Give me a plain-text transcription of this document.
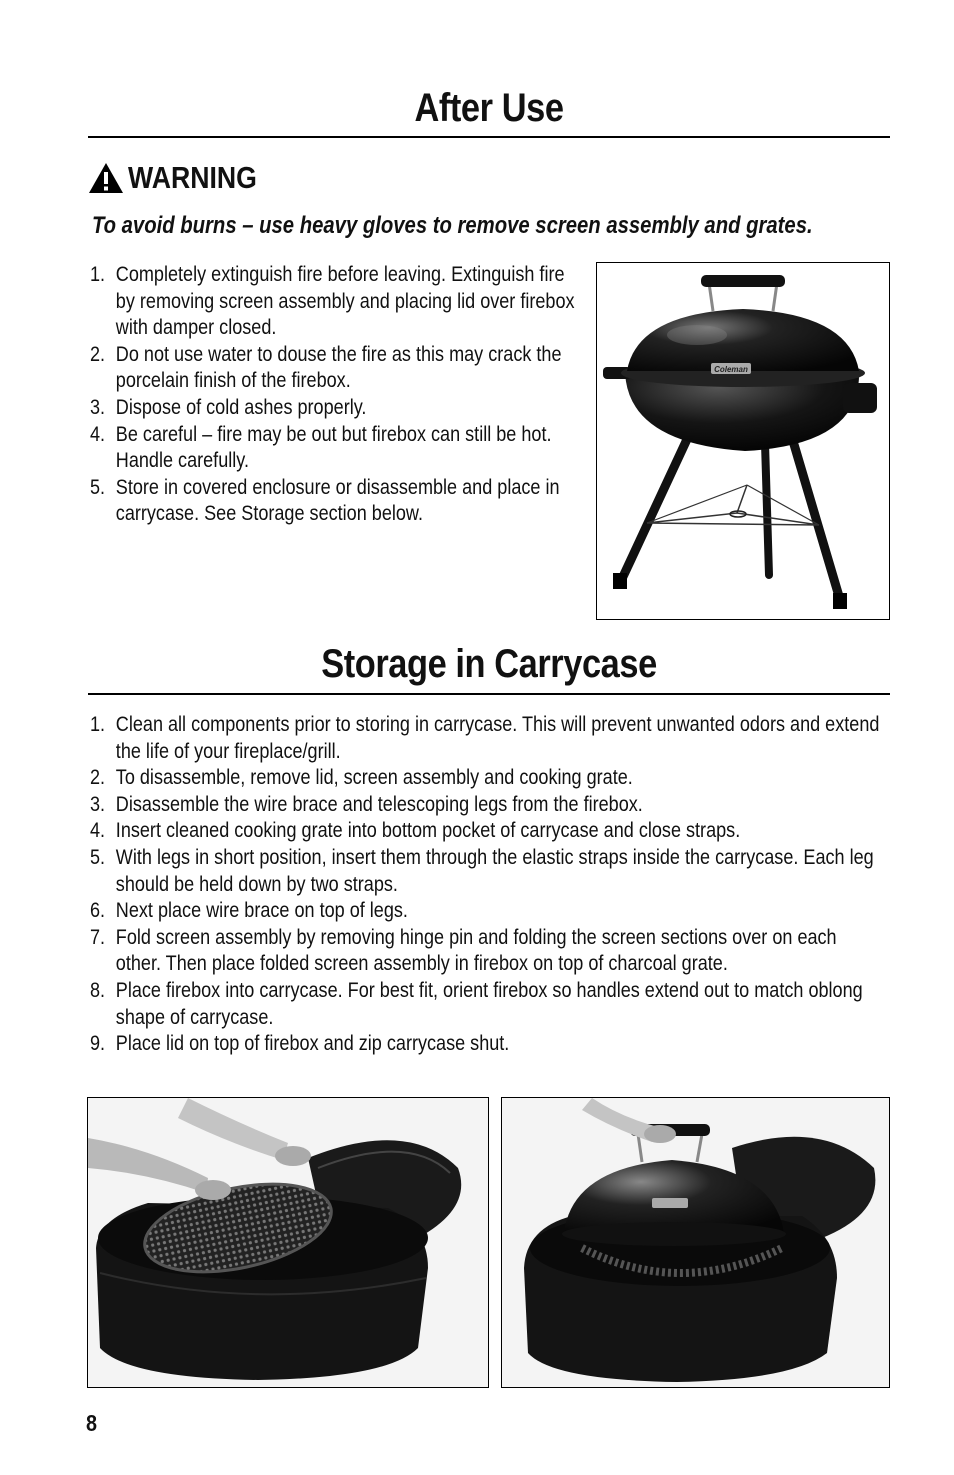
After Use
WARNING
To avoid burns – use heavy gloves to remove screen assembly and grates.
1. Completely extinguish fire before leaving. Extinguish fire by removing screen assembly and placing lid over firebox with damper closed.
2. Do not use water to douse the fire as this may crack the porcelain finish of the firebox.
3. Dispose of cold ashes properly.
4. Be careful – fire may be out but firebox can still be hot. Handle carefully.
5. Store in covered enclosure or disassemble and place in carrycase. See Storage section below.
Coleman
Storage in Carrycase
1. Clean all components prior to storing in carrycase. This will prevent unwanted odors and extend the life of your fireplace/grill.
2. To disassemble, remove lid, screen assembly and cooking grate.
3. Disassemble the wire brace and telescoping legs from the firebox.
4. Insert cleaned cooking grate into bottom pocket of carrycase and close straps.
5. With legs in short position, insert them through the elastic straps inside the carrycase. Each leg should be held down by two straps.
6. Next place wire brace on top of legs.
7. Fold screen assembly by removing hinge pin and folding the screen sections over on each other. Then place folded screen assembly in firebox on top of charcoal grate.
8. Place firebox into carrycase. For best fit, orient firebox so handles extend out to match oblong shape of carrycase.
9. Place lid on top of firebox and zip carrycase shut.
8
